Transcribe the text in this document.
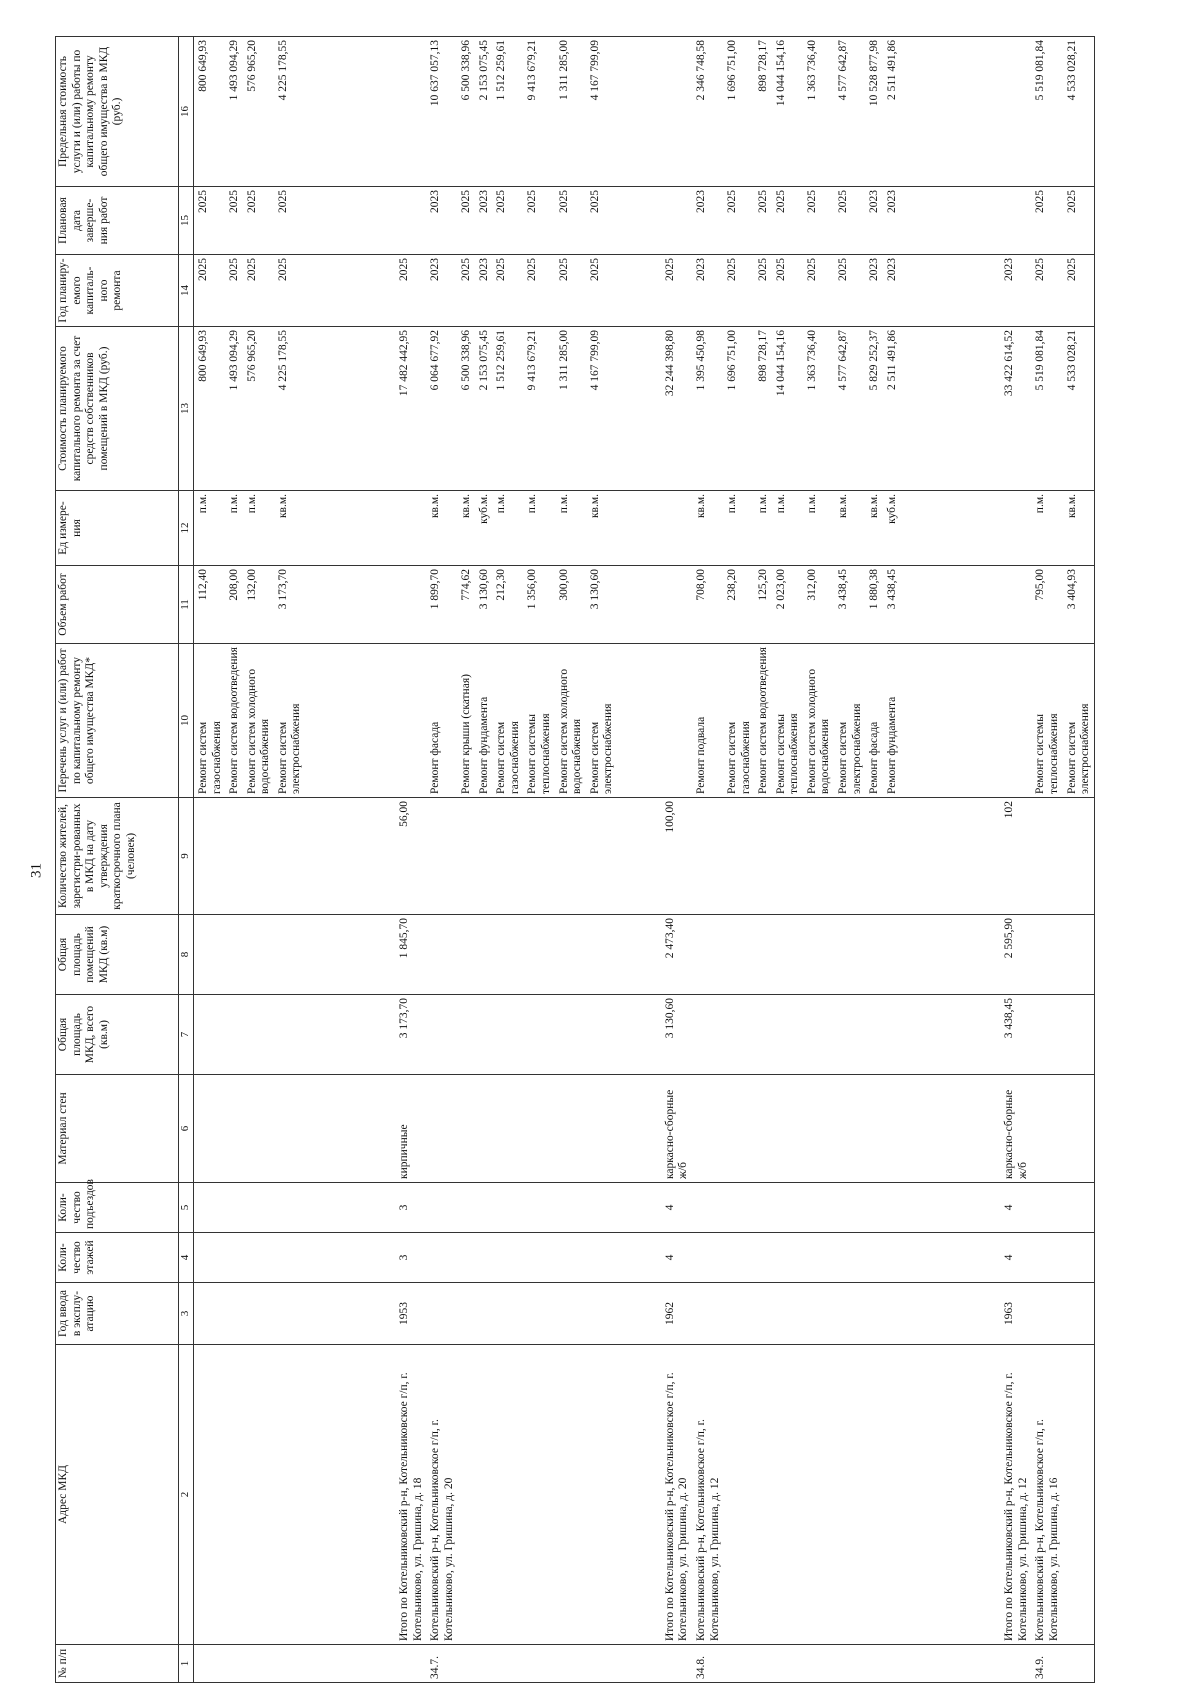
31
№ п/п	Адрес МКД	Год ввода в эксплу-атацию	Коли-чество этажей	Коли-чество подъездов	Материал стен	Общая площадь МКД, всего (кв.м)	Общая площадь помещений МКД (кв.м)	Количество жителей, зарегистри-рованных в МКД на дату утверждения краткосрочного плана (человек)	Перечень услуг и (или) работ по капитальному ремонту общего имущества МКД*	Объем работ	Ед измере-ния	Стоимость планируемого капитального ремонта за счет средств собственников помещений в МКД (руб.)	Год планиру-емого капиталь-ного ремонта	Плановая дата заверше-ния работ	Предельная стоимость услуги и (или) работы по капитальному ремонту общего имущества в МКД (руб.)
1	2	3	4	5	6	7	8	9	10	11	12	13	14	15	16
									Ремонт систем газоснабжения	112,40	п.м.	800 649,93	2025	2025	800 649,93
									Ремонт систем водоотведения	208,00	п.м.	1 493 094,29	2025	2025	1 493 094,29
									Ремонт систем холодного водоснабжения	132,00	п.м.	576 965,20	2025	2025	576 965,20
									Ремонт систем электроснабжения	3 173,70	кв.м.	4 225 178,55	2025	2025	4 225 178,55

	Итого по Котельниковский р-н, Котельниковское г/п, г. Котельниково, ул. Гришина, д. 18	1953	3	3	кирпичные	3 173,70	1 845,70	56,00				17 482 442,95	2025		
34.7.	Котельниковский р-н, Котельниковское г/п, г. Котельниково, ул. Гришина, д. 20								Ремонт фасада	1 899,70	кв.м.	6 064 677,92	2023	2023	10 637 057,13
									Ремонт крыши (скатная)	774,62	кв.м.	6 500 338,96	2025	2025	6 500 338,96
									Ремонт фундамента	3 130,60	куб.м.	2 153 075,45	2023	2023	2 153 075,45
									Ремонт систем газоснабжения	212,30	п.м.	1 512 259,61	2025	2025	1 512 259,61
									Ремонт системы теплоснабжения	1 356,00	п.м.	9 413 679,21	2025	2025	9 413 679,21
									Ремонт систем холодного водоснабжения	300,00	п.м.	1 311 285,00	2025	2025	1 311 285,00
									Ремонт систем электроснабжения	3 130,60	кв.м.	4 167 799,09	2025	2025	4 167 799,09

	Итого по Котельниковский р-н, Котельниковское г/п, г. Котельниково, ул. Гришина, д. 20	1962	4	4	каркасно-сборные ж/б	3 130,60	2 473,40	100,00				32 244 398,80	2025		
34.8.	Котельниковский р-н, Котельниковское г/п, г. Котельниково, ул. Гришина, д. 12								Ремонт подвала	708,00	кв.м.	1 395 450,98	2023	2023	2 346 748,58
									Ремонт систем газоснабжения	238,20	п.м.	1 696 751,00	2025	2025	1 696 751,00
									Ремонт систем водоотведения	125,20	п.м.	898 728,17	2025	2025	898 728,17
									Ремонт системы теплоснабжения	2 023,00	п.м.	14 044 154,16	2025	2025	14 044 154,16
									Ремонт систем холодного водоснабжения	312,00	п.м.	1 363 736,40	2025	2025	1 363 736,40
									Ремонт систем электроснабжения	3 438,45	кв.м.	4 577 642,87	2025	2025	4 577 642,87
									Ремонт фасада	1 880,38	кв.м.	5 829 252,37	2023	2023	10 528 877,98
									Ремонт фундамента	3 438,45	куб.м.	2 511 491,86	2023	2023	2 511 491,86

	Итого по Котельниковский р-н, Котельниковское г/п, г. Котельниково, ул. Гришина, д. 12	1963	4	4	каркасно-сборные ж/б	3 438,45	2 595,90	102				33 422 614,52	2023		
34.9.	Котельниковский р-н, Котельниковское г/п, г. Котельниково, ул. Гришина, д. 16								Ремонт системы теплоснабжения	795,00	п.м.	5 519 081,84	2025	2025	5 519 081,84
									Ремонт систем электроснабжения	3 404,93	кв.м.	4 533 028,21	2025	2025	4 533 028,21
